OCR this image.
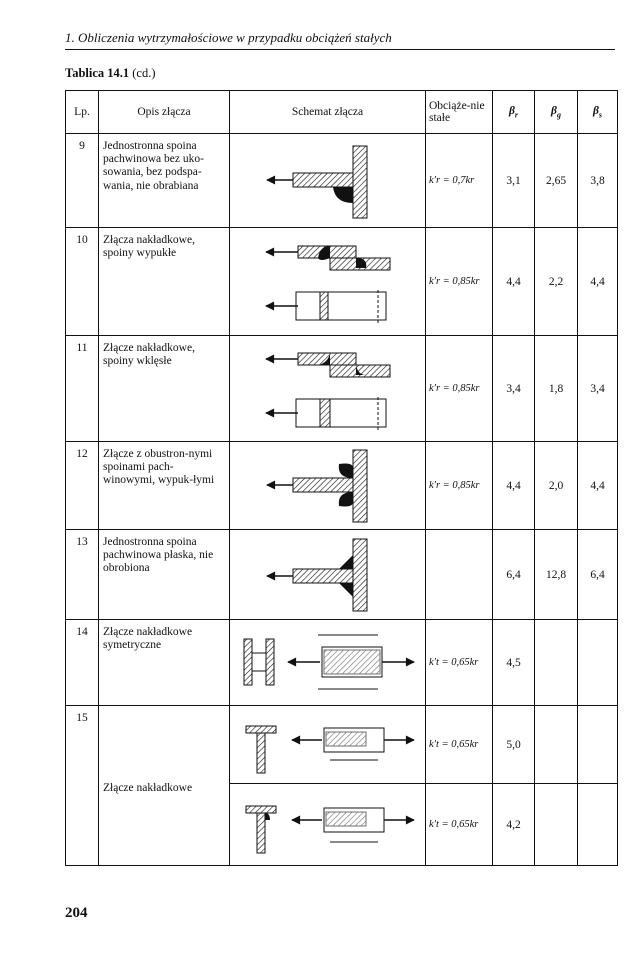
1. Obliczenia wytrzymałościowe w przypadku obciążeń stałych
Tablica 14.1 (cd.)
Lp.	Opis złącza	Schemat złącza	Obciąże-nie stałe	$\beta_r$	$\beta_g$	$\beta_s$
9	Jednostronna spoina pachwinowa bez uko-sowania, bez podspa-wania, nie obrabiana		k′r = 0,7kr	3,1	2,65	3,8
10	Złącza nakładkowe, spoiny wypukłe		k′r = 0,85kr	4,4	2,2	4,4
11	Złącze nakładkowe, spoiny wklęsłe		k′r = 0,85kr	3,4	1,8	3,4
12	Złącze z obustron-nymi spoinami pach-winowymi, wypuk-łymi		k′r = 0,85kr	4,4	2,0	4,4
13	Jednostronna spoina pachwinowa płaska, nie obrobiona			6,4	12,8	6,4
14	Złącze nakładkowe symetryczne		k′t = 0,65kr	4,5		
15	Złącze nakładkowe		k′t = 0,65kr	5,0		

	k′t = 0,65kr	4,2		
204
